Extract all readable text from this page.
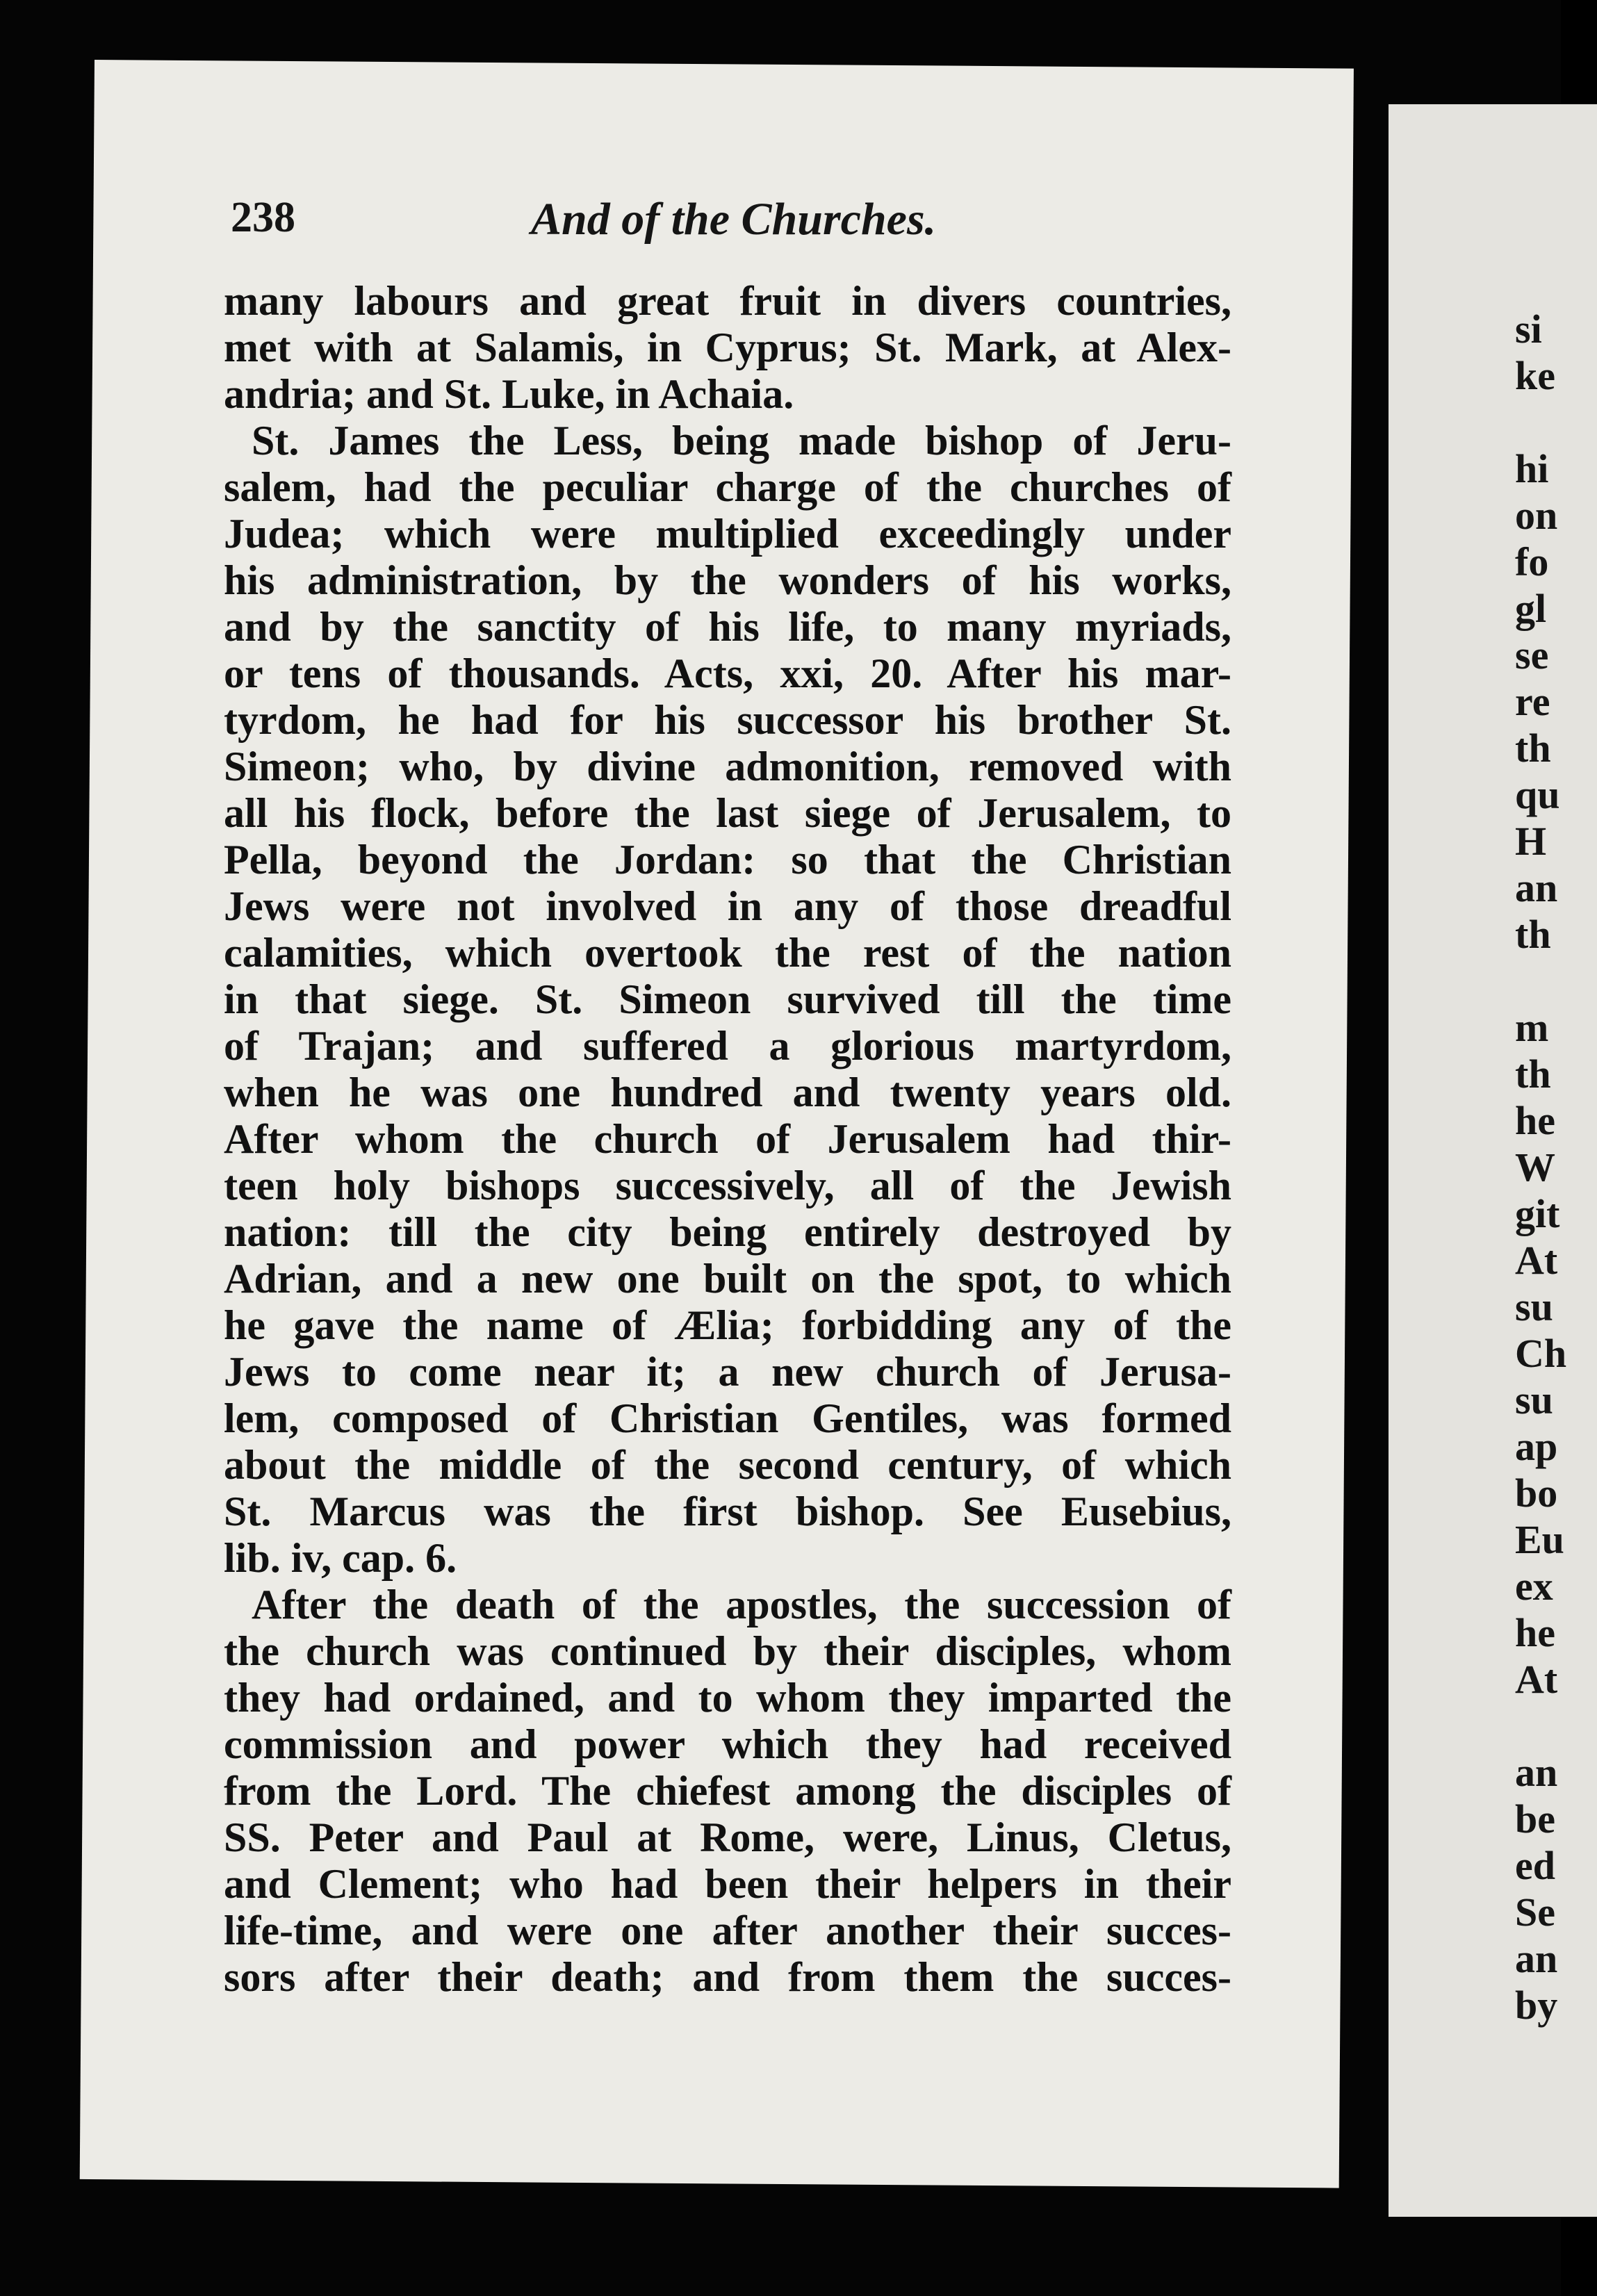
238	And of the Churches.
many labours and great fruit in divers countries,
met with at Salamis, in Cyprus; St. Mark, at Alex-
andria; and St. Luke, in Achaia.
St. James the Less, being made bishop of Jeru-
salem, had the peculiar charge of the churches of
Judea; which were multiplied exceedingly under
his administration, by the wonders of his works,
and by the sanctity of his life, to many myriads,
or tens of thousands. Acts, xxi, 20. After his mar-
tyrdom, he had for his successor his brother St.
Simeon; who, by divine admonition, removed with
all his flock, before the last siege of Jerusalem, to
Pella, beyond the Jordan: so that the Christian
Jews were not involved in any of those dreadful
calamities, which overtook the rest of the nation
in that siege. St. Simeon survived till the time
of Trajan; and suffered a glorious martyrdom,
when he was one hundred and twenty years old.
After whom the church of Jerusalem had thir-
teen holy bishops successively, all of the Jewish
nation: till the city being entirely destroyed by
Adrian, and a new one built on the spot, to which
he gave the name of Ælia; forbidding any of the
Jews to come near it; a new church of Jerusa-
lem, composed of Christian Gentiles, was formed
about the middle of the second century, of which
St. Marcus was the first bishop. See Eusebius,
lib. iv, cap. 6.
After the death of the apostles, the succession of
the church was continued by their disciples, whom
they had ordained, and to whom they imparted the
commission and power which they had received
from the Lord. The chiefest among the disciples of
SS. Peter and Paul at Rome, were, Linus, Cletus,
and Clement; who had been their helpers in their
life-time, and were one after another their succes-
sors after their death; and from them the succes-
si
ke
hi
on
fo
gl
se
re
th
qu
H
an
th
m
th
he
W
git
At
su
Ch
su
ap
bo
Eu
ex
he
At
an
be
ed
Se
an
by
